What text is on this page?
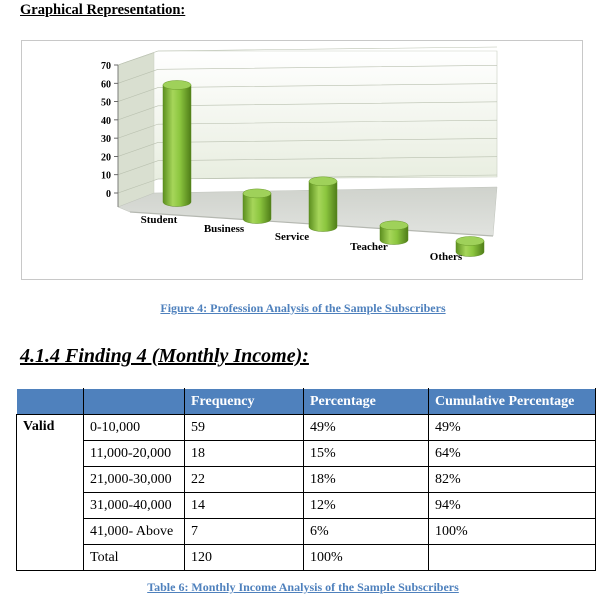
Graphical Representation:
0
10
20
30
40
50
60
70
Student
Business
Service
Teacher
Others
Figure 4: Profession Analysis of the Sample Subscribers
4.1.4 Finding 4 (Monthly Income):
		Frequency	Percentage	Cumulative Percentage
Valid	0-10,000	59	49%	49%
	11,000-20,000	18	15%	64%
	21,000-30,000	22	18%	82%
	31,000-40,000	14	12%	94%
	41,000- Above	7	6%	100%
	Total	120	100%	
Table 6: Monthly Income Analysis of the Sample Subscribers
